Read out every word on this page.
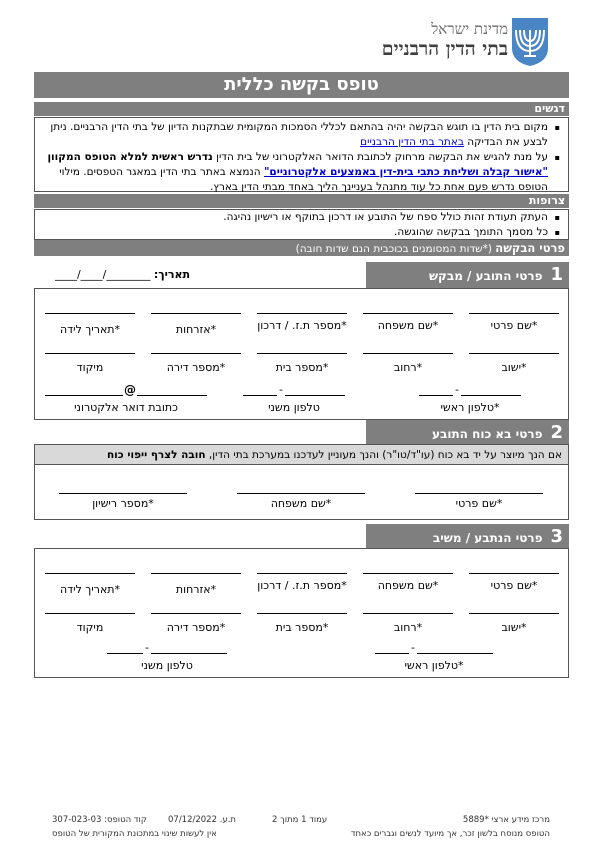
מדינת ישראל
בתי הדין הרבניים
טופס בקשה כללית
דגשים
▪ מקום בית הדין בו תוגש הבקשה יהיה בהתאם לכללי הסמכות המקומית שבתקנות הדיון של בתי הדין הרבניים. ניתן לבצע את הבדיקה באתר בתי הדין הרבניים
▪ על מנת להגיש את הבקשה מרחוק לכתובת הדואר האלקטרוני של בית הדין נדרש ראשית למלא הטופס המקוון "אישור קבלה ושליחת כתבי בית-דין באמצעים אלקטרוניים" הנמצא באתר בתי הדין במאגר הטפסים. מילוי הטופס נדרש פעם אחת כל עוד מתנהל בעניינך הליך באחד מבתי הדין בארץ.
צרופות
▪ העתק תעודת זהות כולל ספח של התובע או דרכון בתוקף או רישיון נהיגה.
▪ כל מסמך התומך בבקשה שהוגשה.
פרטי הבקשה (*שדות המסומנים בכוכבית הנם שדות חובה)
תאריך: ____/____/________	1פרטי התובע / מבקש
*שם פרטי
*שם משפחה
*מספר ת.ז. / דרכון
*אזרחות
*תאריך לידה
*ישוב
*רחוב
*מספר בית
*מספר דירה
מיקוד
-
-
@
*טלפון ראשי
טלפון משני
כתובת דואר אלקטרוני
2פרטי בא כוח התובע
אם הנך מיוצר על יד בא כוח (עו"ד/טו"ר) והנך מעוניין לעדכנו במערכת בתי הדין, חובה לצרף ייפוי כוח
*שם פרטי
*שם משפחה
*מספר רישיון
3פרטי הנתבע / משיב
*שם פרטי
*שם משפחה
*מספר ת.ז. / דרכון
*אזרחות
*תאריך לידה
*ישוב
*רחוב
*מספר בית
*מספר דירה
מיקוד
-
-
*טלפון ראשי
טלפון משני
מרכז מידע ארצי *5889
הטופס מנוסח בלשון זכר, אך מיועד לנשים וגברים כאחד
עמוד 1 מתוך 2
ת.ע. 07/12/2022
קוד הטופס: 307-023-03
אין לעשות שינוי במתכונת המקורית של הטופס
